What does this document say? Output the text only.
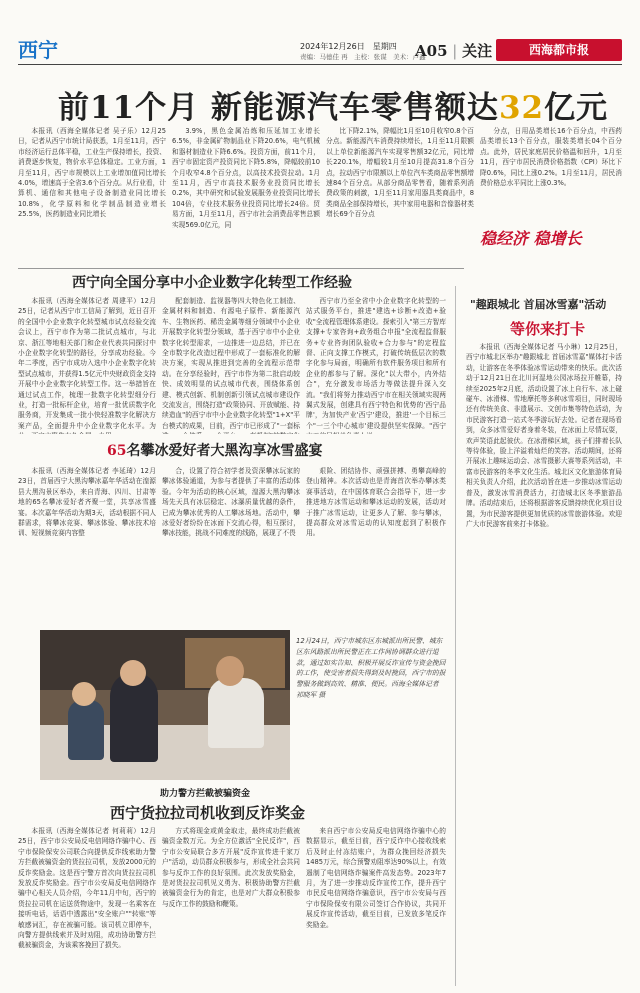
西宁	2024年12月26日　星期四
责编：马德佳 再　主校：张谋　美术：卢鑫
A05 | 关注	西海都市报
前11个月 新能源汽车零售额达32亿元

本报讯（西海全媒体记者 吴子乐）12月25日，记者从西宁市统计局获悉，1月至11月，西宁市经济运行总体平稳，工业生产保持增长，投资、消费逐步恢复，物价水平总体稳定。工业方面，1月至11月，西宁市规模以上工业增加值同比增长4.0%，增速高于全省3.6个百分点。从行业看，计算机、通信和其他电子设备制造业同比增长10.8%，化学原料和化学制品制造业增长25.5%，医药制造业同比增长

3.9%，黑色金属冶炼和压延加工业增长6.5%，非金属矿物制品业下降20.6%，电气机械和器材制造业下降6.6%。投资方面，前11个月，西宁市固定资产投资同比下降5.8%，降幅较前10个月收窄4.8个百分点，以高技术投资拉动。1月至11月，西宁市高技术服务业投资同比增长0.2%，其中研究和试验发展服务业投资同比增长104倍，专业技术服务业投资同比增长24倍。贸易方面，1月至11月，西宁市社会消费品零售总额实现569.0亿元，同

比下降2.1%，降幅比1月至10月收窄0.8个百分点。新能源汽车消费持续增长，1月至11月限额以上单位新能源汽车实现零售额32亿元，同比增长220.1%，增幅较1月至10月提高31.8个百分点，拉动西宁市限额以上单位汽车类商品零售额增速84个百分点。从部分商品零售看，随着系列消费政策的刺激，1月至11月家用器具类商品中，8类商品全部保持增长，其中家用电器和音像器材类增长69个百分点

分点，日用品类增长16个百分点，中西药品类增长13个百分点，服装类增长04个百分点。此外，居民家庭居民价格温和回升，1月至11月，西宁市居民消费价格指数（CPI）环比下降0.6%，同比上涨0.2%。1月至11月，居民消费价格总水平同比上涨0.3%。

稳经济 稳增长
西宁向全国分享中小企业数字化转型工作经验

本报讯（西海全媒体记者 周建平）12月25日，记者从西宁市工信局了解到，近日召开的全国中小企业数字化转型城市试点经验交流会议上，西宁市作为第二批试点城市，与北京、浙江等地相关部门和企业代表共同探讨中小企业数字化转型的路径，分享成功经验。今年二季度，西宁市成功入选中小企业数字化转型试点城市，并获得1.5亿元中央财政资金支持开展中小企业数字化转型工作。这一举措旨在通过试点工作，梳理一批数字化转型细分行业，打造一批标杆企业，培育一批优质数字化服务商，开发集成一批小快轻准数字化解决方案产品，全面提升中小企业数字化水平。为

配套制造、监视器等四大特色化工制造、金属材料和制造、有源电子原件、新能源汽车、生物医药、稀贵金属等细分领域中小企业开展数字化转型分领域，基于西宁市中小企业数字化转型需求，一边推进一边总结，并已在全市数字化改造过程中形成了一套标准化的解决方案，实现从推进到完善的全流程示范带动。在分享经验时，西宁市作为第二批启动较快、成效明显的试点城市代表，围绕体系创建、模式创新、机制创新引领试点城市建设作交流发言，围绕打造"政策协同、开放赋能、持续造血"的西宁市中小企业数字化转型"1+X"平台模式的成果，目前，西宁市已形成了"一套标

西宁市乃至全省中小企业数字化转型的一站式服务平台，推进"建选+诊断+改造+验收"全流程管理体系建设。探索引入"第三方智库支撑+专家咨询+政务组合申报"全流程监督服务+专业咨询团队验收+合力参与"的定程监督、正向支撑工作模式，打破传统低层次的数字化参与局面，明确所有软件服务项目和所有企业的都参与了解。深化"以大带小，内外结合"，充分激发市场活力等做法提升深入交流。"我们将努力推动西宁市在相关领域实现两翼式发展，创建具有西宁特色和优势的'西宁品牌'，为加快产业'西宁'建设，推进'一个目标三个"一三个中心城市'建设提供坚实保障。"西宁

65名攀冰爱好者大黑沟享冰雪盛宴

本报讯（西海全媒体记者 李延琦）12月23日，首届西宁大黑沟攀冰嘉年华活动在湟源县大黑沟景区举办，来自青海、四川、甘肃等地的65名攀冰爱好者齐聚一堂，共享冰雪盛宴。本次嘉年华活动为期3天，活动根据不同人群需求，将攀冰竞赛、攀冰体验、攀冰技术培训、短视频竞赛内容整

合，设置了符合初学者及资深攀冰玩家的攀冰体验通道，为参与者提供了丰富的活动体验。今年为活动的核心区域，湟源大黑沟攀冰场先天具有冰层稳定、冰瀑质量优越的条件，已成为攀冰优秀的人工攀冰场地。活动中，攀冰爱好者纷纷在冰面下交流心得，相互探讨，攀冰技能，挑战不同难度的线路，展现了不畏

艰险、团结协作、顽强拼搏、勇攀高峰的登山精神。本次活动也是青海首次举办攀冰类赛事活动，在中国体育联合会指导下，进一步推进地方冰雪运动和攀冰运动的发展，活动对于推广冰雪运动，让更多人了解、参与攀冰，提高群众对冰雪运动的认知度起到了积极作用。

12月24日，西宁市城东区东城派出所民警、城东区东风路派出所民警正在工作间协调群众进行退款，通过如实告知、积极开展反诈宣传与资金挽回的工作，使受害者损失得到及时挽回，西宁市的报警服务做到高效、精准、便民。西海全媒体记者 祁晓军 摄
助力警方拦截被骗资金
西宁货拉拉司机收到反诈奖金

本报讯（西海全媒体记者 何莉莉）12月25日，西宁市公安局反电信网络诈骗中心、西宁市保险保安公司联合向提供反诈线索助力警方拦截被骗资金的货拉拉司机，发放2000元的反诈奖励金。这是西宁警方首次向货拉拉司机发放反诈奖励金。西宁市公安局反电信网络诈骗中心相关人员介绍，今年11月中旬，西宁的货拉拉司机在运送货物途中，发现一名乘客在接听电话，话语中透露出"安全账户""转账"等敏感词汇，存在被骗可能。该司机立即停车，向警方提供线索并及时劝阻，成功协助警方拦截被骗资金，为该乘客挽回了损失。

方式将现金或黄金取走，最终成功拦截被骗资金数万元。为全方位激活"全民反诈"，西宁市公安局联合多方开展"反诈宣传进千家万户"活动，动员群众积极参与，形成全社会共同参与反诈工作的良好氛围。此次发放奖励金，是对货拉拉司机见义勇为、积极协助警方拦截被骗资金行为的肯定，也是对广大群众积极参与反诈工作的鼓励和鞭策。

来自西宁市公安局反电信网络诈骗中心的数据显示，截至目前，西宁反诈中心接收线索后及时止付冻结账户，为群众挽回经济损失1485万元，综合预警劝阻率达90%以上，有效遏制了电信网络诈骗案件高发态势。2023年7月，为了进一步推动反诈宣传工作，提升西宁市民反电信网络诈骗意识，西宁市公安局与西宁市保险保安有限公司签订合作协议，共同开展反诈宣传活动，截至目前，已发放多笔反诈奖励金。

"趣跟城北 首届冰雪嘉"活动
等你来打卡

本报讯（西海全媒体记者 马小琳）12月25日，西宁市城北区举办"趣跟城北 首届冰雪嘉"媒体打卡活动，让游客在冬季体验冰雪运动带来的快乐。此次活动于12月21日在北川河湿地公园冰场拉开帷幕，持续至2025年2月底，活动设置了冰上自行车、冰上碰碰车、冰滑梯、雪地摩托等多种冰雪项目，同时现场还有传统美食、非遗展示、文创市集等特色活动，为市民游客打造一站式冬季游玩好去处。记者在现场看到，众多冰雪爱好者身着冬装，在冰面上尽情玩耍，欢声笑语此起彼伏。在冰滑梯区域，孩子们排着长队等待体验，脸上洋溢着灿烂的笑容。活动期间，还将开展冰上趣味运动会、冰雪摄影大赛等系列活动，丰富市民游客的冬季文化生活。城北区文化旅游体育局相关负责人介绍，此次活动旨在进一步推动冰雪运动普及，激发冰雪消费活力，打造城北区冬季旅游品牌。活动结束后，还将根据游客反馈持续优化项目设置，为市民游客提供更加优质的冰雪旅游体验。欢迎广大市民游客前来打卡体验。
